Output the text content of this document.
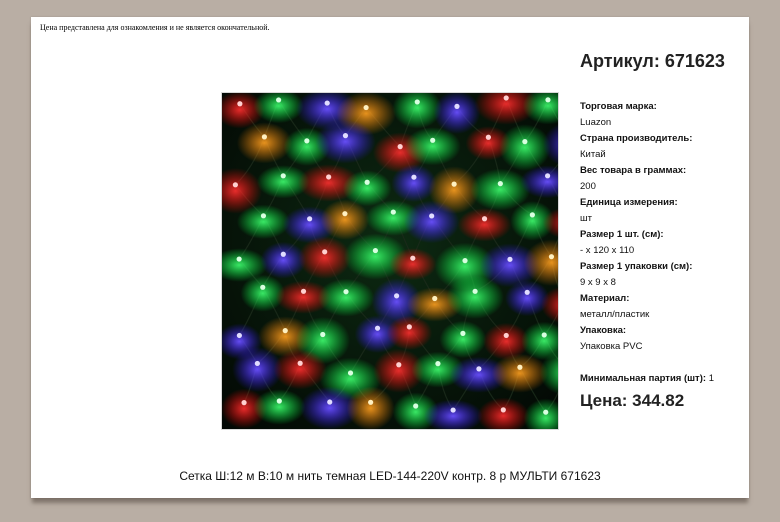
Цена представлена для ознакомления и не является окончательной.
Артикул: 671623
Торговая марка:
Luazon
Страна производитель:
Китай
Вес товара в граммах:
200
Единица измерения:
шт
Размер 1 шт. (см):
- x 120 x 110
Размер 1 упаковки (см):
9 x 9 x 8
Материал:
металл/пластик
Упаковка:
Упаковка PVC
Минимальная партия (шт): 1
Цена: 344.82
Сетка Ш:12 м В:10 м нить темная LED-144-220V контр. 8 р МУЛЬТИ 671623
